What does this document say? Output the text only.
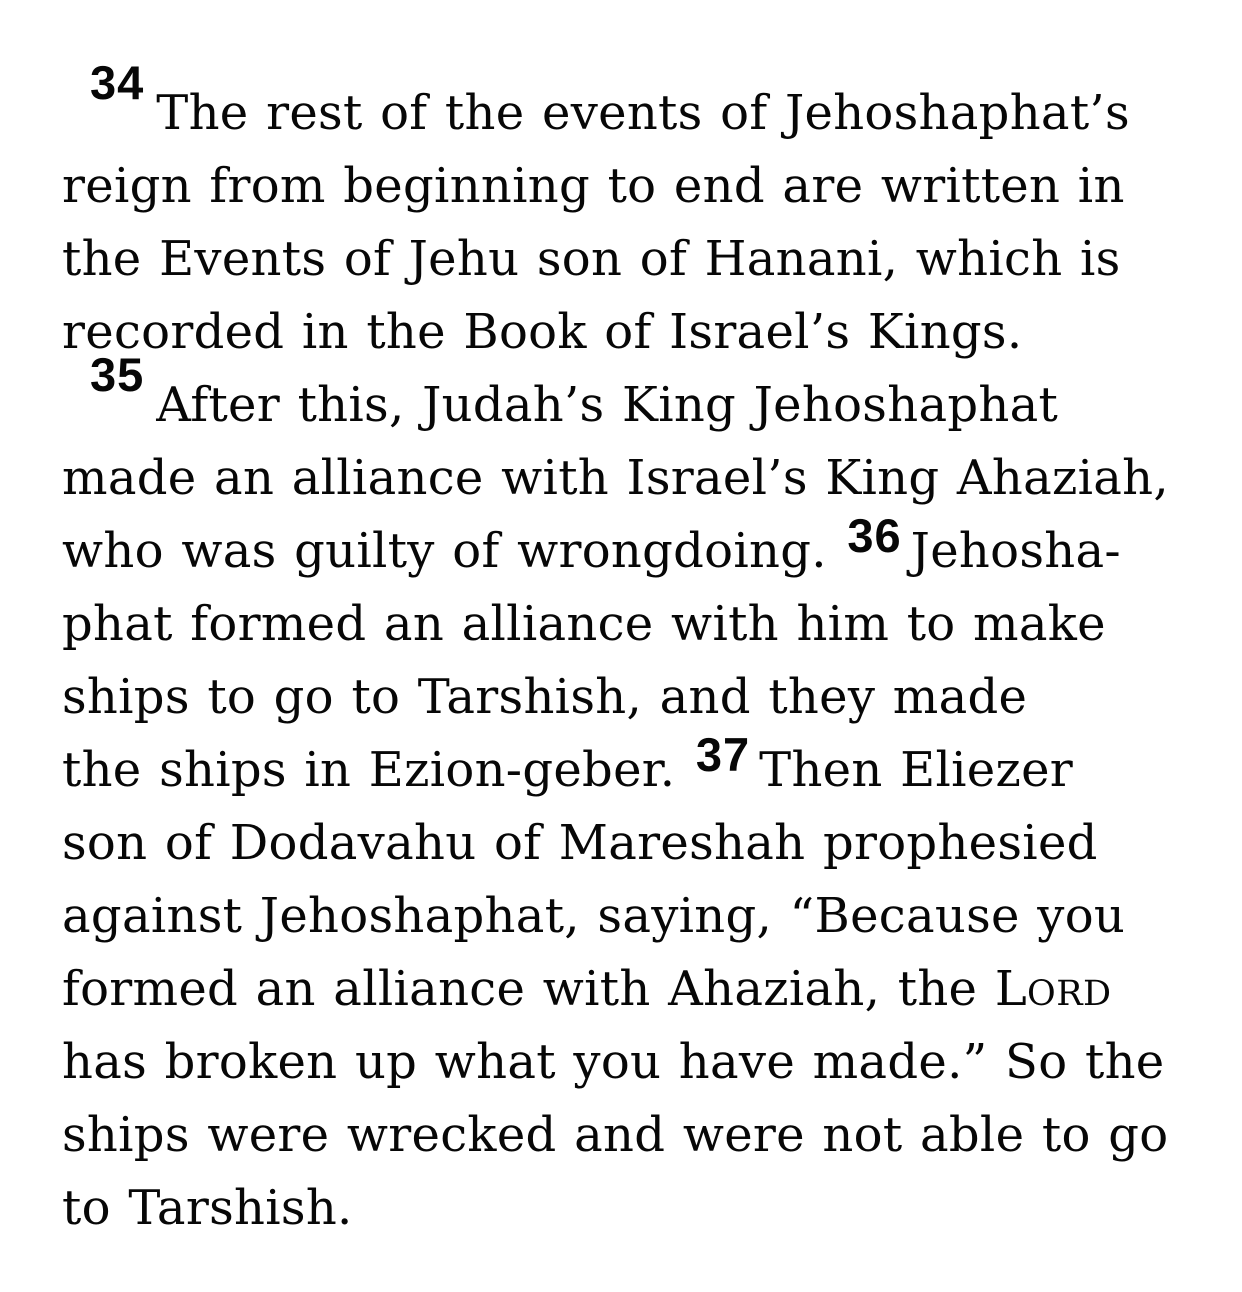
34The rest of the events of Jehoshaphat’s
reign from beginning to end are written in
the Events of Jehu son of Hanani, which is
recorded in the Book of Israel’s Kings.
35After this, Judah’s King Jehoshaphat
made an alliance with Israel’s King Ahaziah,
who was guilty of wrongdoing. 36 Jehosha-
phat formed an alliance with him to make
ships to go to Tarshish, and they made
the ships in Ezion-geber. 37 Then Eliezer
son of Dodavahu of Mareshah prophesied
against Jehoshaphat, saying, “Because you
formed an alliance with Ahaziah, the LORD
has broken up what you have made.” So the
ships were wrecked and were not able to go
to Tarshish.
